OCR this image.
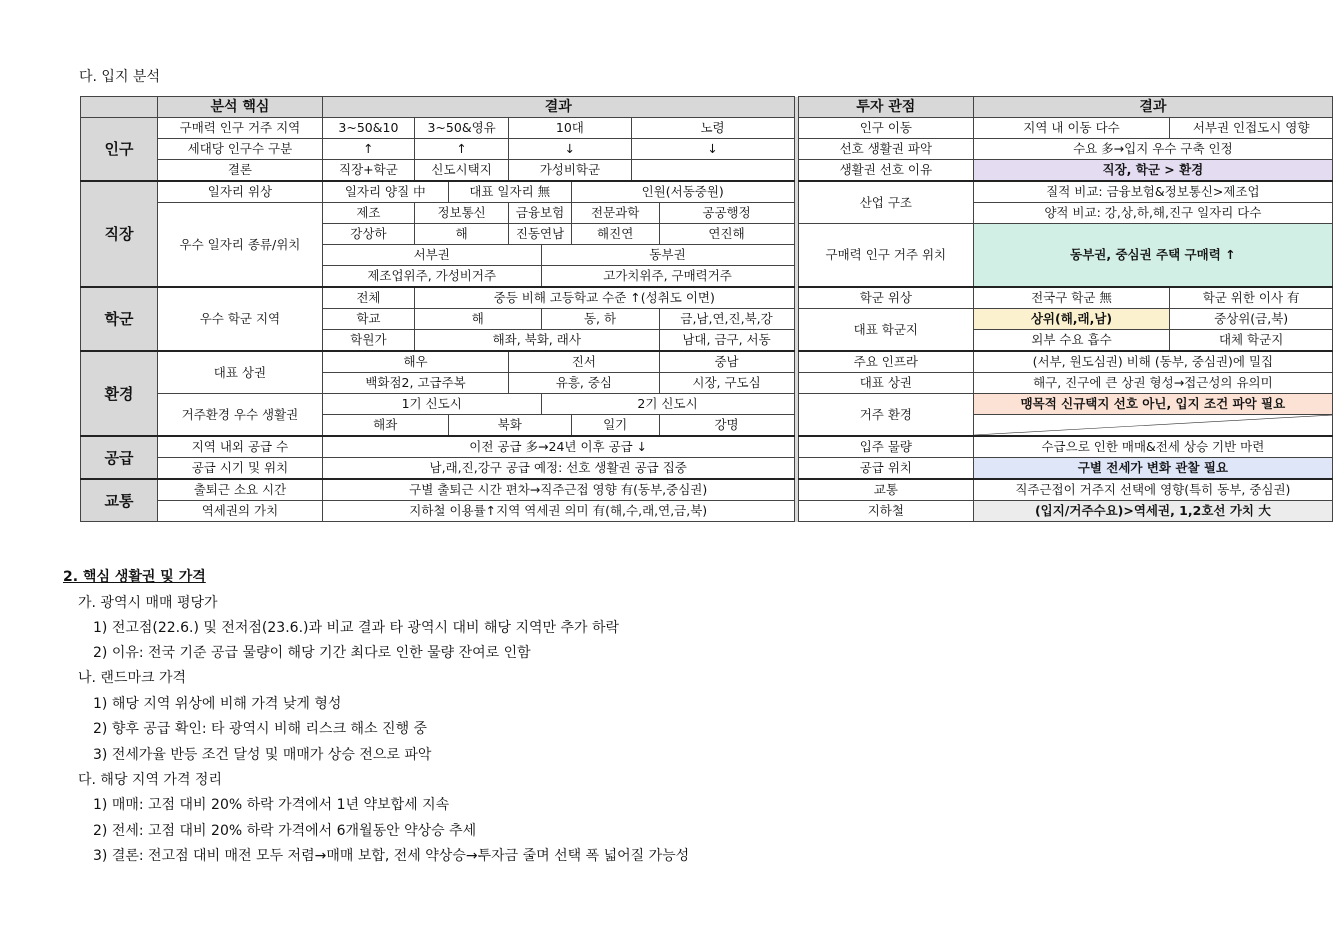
다. 입지 분석
	분석 핵심	결과									투자 관점	결과	
인구	구매력 인구 거주 지역	3~50&10	3~50&영유		10대			노령			인구 이동	지역 내 이동 다수	서부권 인접도시 영향
	세대당 인구수 구분	↑	↑		↓			↓			선호 생활권 파악	수요 多→입지 우수 구축 인정	
	결론	직장+학군	신도시택지		가성비학군						생활권 선호 이유	직장, 학군 > 환경	
직장	일자리 위상	일자리 양질 中		대표 일자리 無			인원(서동중원)				산업 구조	질적 비교: 금융보험&정보통신>제조업	
	우수 일자리 종류/위치	제조	정보통신		금융보험		전문과학		공공행정			양적 비교: 강,상,하,해,진구 일자리 다수	
		강상하	해		진동연남		해진연		연진해		구매력 인구 거주 위치	동부권, 중심권 주택 구매력 ↑	
		서부권				동부권							
		제조업위주, 가성비거주				고가치위주, 구매력거주							
학군	우수 학군 지역	전체	중등 비해 고등학교 수준 ↑(성취도 이면)								학군 위상	전국구 학군 無	학군 위한 이사 有
		학교	해			동, 하			금,남,연,진,북,강		대표 학군지	상위(해,래,남)	중상위(금,북)
		학원가	해좌, 북화, 래사						남대, 금구, 서동			외부 수요 흡수	대체 학군지
환경	대표 상권	해우			진서				중남		주요 인프라	(서부, 원도심권) 비해 (동부, 중심권)에 밀집	
		백화점2, 고급주복			유흥, 중심				시장, 구도심		대표 상권	해구, 진구에 큰 상권 형성→접근성의 유의미	
	거주환경 우수 생활권	1기 신도시				2기 신도시					거주 환경	맹목적 신규택지 선호 아닌, 입지 조건 파악 필요	
		해좌		북화			일기		강명	

공급	지역 내외 공급 수	이전 공급 多→24년 이후 공급 ↓									입주 물량	수급으로 인한 매매&전세 상승 기반 마련	
	공급 시기 및 위치	남,래,진,강구 공급 예정: 선호 생활권 공급 집중									공급 위치	구별 전세가 변화 관찰 필요	
교통	출퇴근 소요 시간	구별 출퇴근 시간 편차→직주근접 영향 有(동부,중심권)									교통	직주근접이 거주지 선택에 영향(특히 동부, 중심권)	
	역세권의 가치	지하철 이용률↑지역 역세권 의미 有(해,수,래,연,금,북)									지하철	(입지/거주수요)>역세권, 1,2호선 가치 大	
2. 핵심 생활권 및 가격
가. 광역시 매매 평당가
1) 전고점(22.6.) 및 전저점(23.6.)과 비교 결과 타 광역시 대비 해당 지역만 추가 하락
2) 이유: 전국 기준 공급 물량이 해당 기간 최다로 인한 물량 잔여로 인함
나. 랜드마크 가격
1) 해당 지역 위상에 비해 가격 낮게 형성
2) 향후 공급 확인: 타 광역시 비해 리스크 해소 진행 중
3) 전세가율 반등 조건 달성 및 매매가 상승 전으로 파악
다. 해당 지역 가격 정리
1) 매매: 고점 대비 20% 하락 가격에서 1년 약보합세 지속
2) 전세: 고점 대비 20% 하락 가격에서 6개월동안 약상승 추세
3) 결론: 전고점 대비 매전 모두 저렴→매매 보합, 전세 약상승→투자금 줄며 선택 폭 넓어질 가능성
